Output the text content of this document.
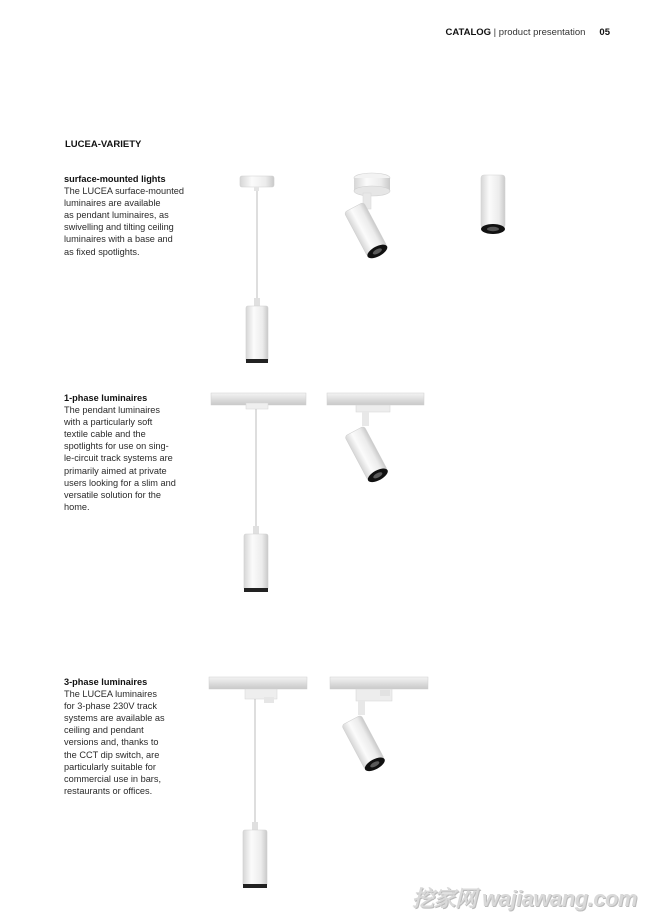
CATALOG | product presentation 05
LUCEA-VARIETY
surface-mounted lights
The LUCEA surface-mounted
luminaires are available
as pendant luminaires, as
swivelling and tilting ceiling
luminaires with a base and
as fixed spotlights.
1-phase luminaires
The pendant luminaires
with a particularly soft
textile cable and the
spotlights for use on sing-
le-circuit track systems are
primarily aimed at private
users looking for a slim and
versatile solution for the
home.
3-phase luminaires
The LUCEA luminaires
for 3-phase 230V track
systems are available as
ceiling and pendant
versions and, thanks to
the CCT dip switch, are
particularly suitable for
commercial use in bars,
restaurants or offices.
挖家网 wajiawang.com
